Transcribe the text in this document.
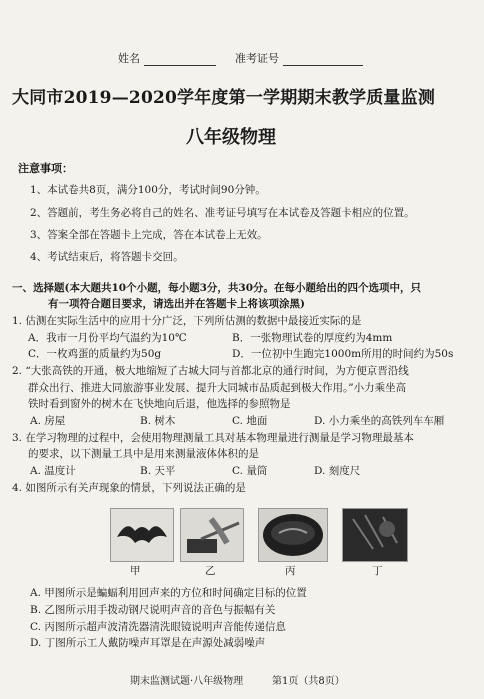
姓名	准考证号
大同市2019—2020学年度第一学期期末教学质量监测
八年级物理
注意事项：
1、本试卷共8页，满分100分，考试时间90分钟。
2、答题前，考生务必将自己的姓名、准考证号填写在本试卷及答题卡相应的位置。
3、答案全部在答题卡上完成，答在本试卷上无效。
4、考试结束后，将答题卡交回。
一、选择题(本大题共10个小题，每小题3分，共30分。在每小题给出的四个选项中，只
有一项符合题目要求，请选出并在答题卡上将该项涂黑)
1. 估测在实际生活中的应用十分广泛，下列所估测的数据中最接近实际的是
A．我市一月份平均气温约为10℃	B．一张物理试卷的厚度约为4mm
C．一枚鸡蛋的质量约为50g	D．一位初中生跑完1000m所用的时间约为50s
2. “大张高铁的开通，极大地缩短了古城大同与首都北京的通行时间，为方便京晋沿线
群众出行、推进大同旅游事业发展、提升大同城市品质起到极大作用。”小力乘坐高
铁时看到窗外的树木在飞快地向后退，他选择的参照物是
A. 房屋	B. 树木	C. 地面	D. 小力乘坐的高铁列车车厢
3. 在学习物理的过程中，会使用物理测量工具对基本物理量进行测量是学习物理最基本
的要求，以下测量工具中是用来测量液体体积的是
A. 温度计	B. 天平	C. 量筒	D. 刻度尺
4. 如图所示有关声现象的情景，下列说法正确的是
甲	乙	丙	丁
A. 甲图所示是蝙蝠利用回声来的方位和时间确定目标的位置
B. 乙图所示用手拨动钢尺说明声音的音色与振幅有关
C. 丙图所示超声波清洗器清洗眼镜说明声音能传递信息
D. 丁图所示工人戴防噪声耳罩是在声源处减弱噪声
期末监测试题·八年级物理	第1页（共8页）
